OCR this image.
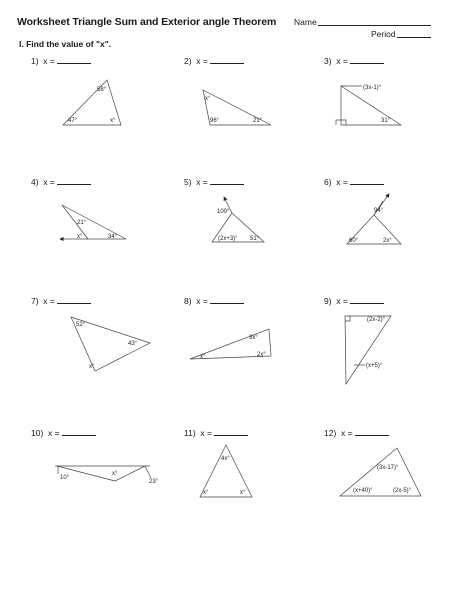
Worksheet Triangle Sum and Exterior angle Theorem Name
Period
I. Find the value of "x".
1) x =	2) x =	3) x =
4) x =	5) x =	6) x =
7) x =	8) x =	9) x =
10) x =	11) x =	12) x =
58°
47°	x°
x°
96°	21°
(3x-1)°
31°
21°
x°	34°
100°
(2x+3)° 51°
94°
60°	2x°
52°
43°
x°
3x°
2x°
x°
(2x-2)°
(x+5)°
10°
x°
23°
4x°
x°	x°
(3x-17)°
(x+40)°	(2x-5)°
